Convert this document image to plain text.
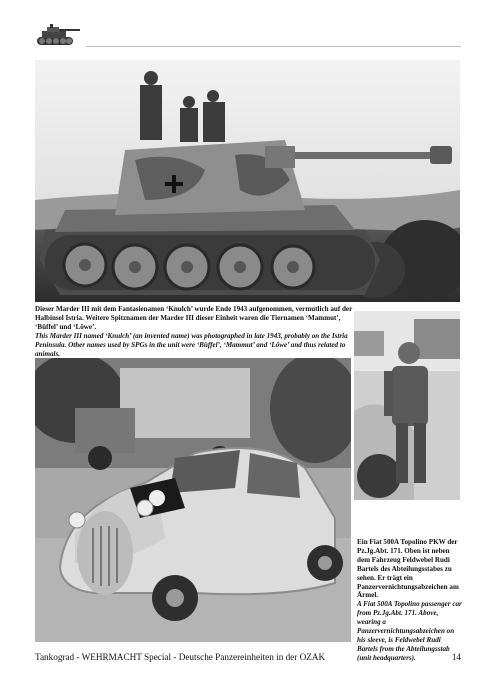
Dieser Marder III mit dem Fantasienamen ‘Knulch’ wurde Ende 1943 aufgenommen, vermutlich auf der Halbinsel Istria. Weitere Spitznamen der Marder III dieser Einheit waren die Tiernamen ‘Mammut’, ‘Büffel’ und ‘Löwe’.
This Marder III named ‘Knulch’ (an invented name) was photographed in late 1943, probably on the Istria Peninsula. Other names used by SPGs in the unit were ‘Büffel’, ‘Mammut’ and ‘Löwe’ and thus related to animals.
Ein Fiat 500A Topolino PKW der Pz.Jg.Abt. 171. Oben ist neben dem Fahrzeug Feldwebel Rudi Bartels des Abteilungsstabes zu sehen. Er trägt ein Panzervernichtungsabzeichen am Ärmel.
A Fiat 500A Topolino passenger car from Pz.Jg.Abt. 171. Above, wearing a Panzervernichtungsabzeichen on his sleeve, is Feldwebel Rudi Bartels from the Abteilungsstab (unit headquarters).
Tankograd - WEHRMACHT Special - Deutsche Panzereinheiten in der OZAK	14
